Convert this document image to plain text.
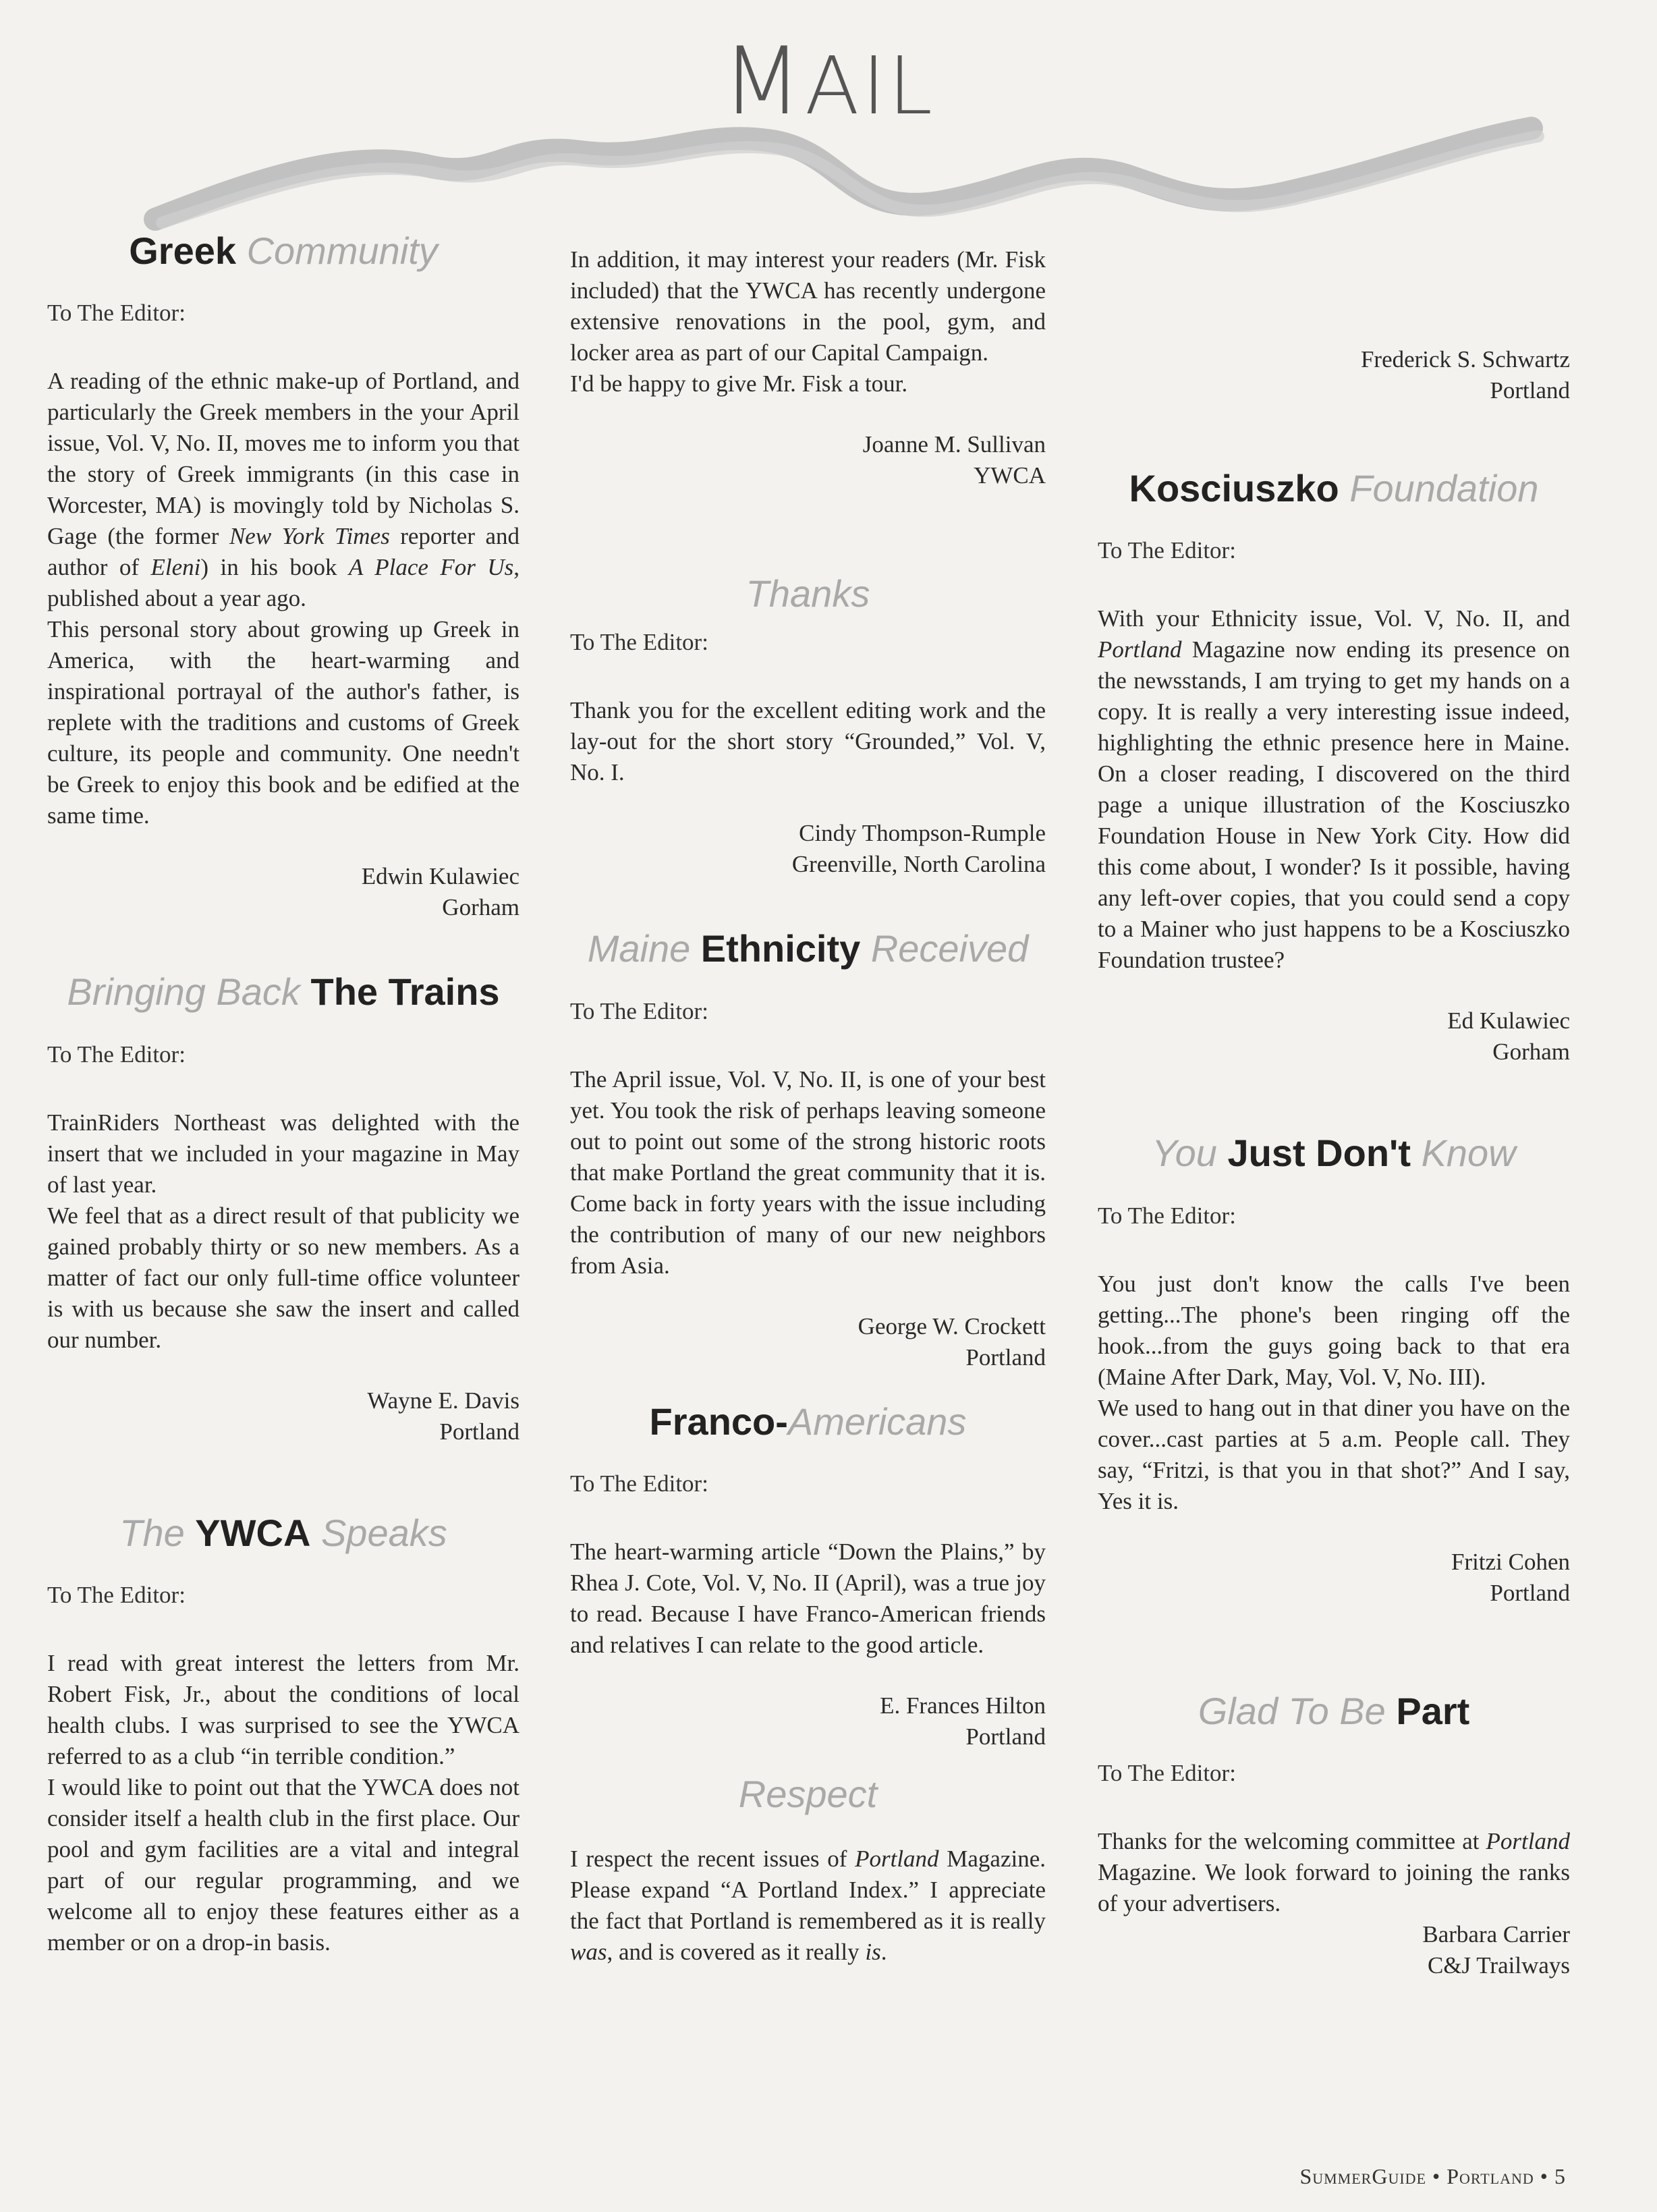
MAIL
Greek Community
To The Editor:

A reading of the ethnic make-up of Portland, and particularly the Greek members in the your April issue, Vol. V, No. II, moves me to inform you that the story of Greek immigrants (in this case in Worcester, MA) is movingly told by Nicholas S. Gage (the former New York Times reporter and author of Eleni) in his book A Place For Us, published about a year ago.

This personal story about growing up Greek in America, with the heart-warming and inspirational portrayal of the author's father, is replete with the traditions and customs of Greek culture, its people and community. One needn't be Greek to enjoy this book and be edified at the same time.

Edwin Kulawiec
Gorham
Bringing Back The Trains
To The Editor:

TrainRiders Northeast was delighted with the insert that we included in your magazine in May of last year.

We feel that as a direct result of that publicity we gained probably thirty or so new members. As a matter of fact our only full-time office volunteer is with us because she saw the insert and called our number.

Wayne E. Davis
Portland
The YWCA Speaks
To The Editor:

I read with great interest the letters from Mr. Robert Fisk, Jr., about the conditions of local health clubs. I was surprised to see the YWCA referred to as a club “in terrible condition.”

I would like to point out that the YWCA does not consider itself a health club in the first place. Our pool and gym facilities are a vital and integral part of our regular programming, and we welcome all to enjoy these features either as a member or on a drop-in basis.

In addition, it may interest your readers (Mr. Fisk included) that the YWCA has recently undergone extensive renovations in the pool, gym, and locker area as part of our Capital Campaign.

I'd be happy to give Mr. Fisk a tour.

Joanne M. Sullivan
YWCA
Thanks
To The Editor:

Thank you for the excellent editing work and the lay-out for the short story “Grounded,” Vol. V, No. I.

Cindy Thompson-Rumple
Greenville, North Carolina
Maine Ethnicity Received
To The Editor:

The April issue, Vol. V, No. II, is one of your best yet. You took the risk of perhaps leaving someone out to point out some of the strong historic roots that make Portland the great community that it is. Come back in forty years with the issue including the contribution of many of our new neighbors from Asia.

George W. Crockett
Portland
Franco-Americans
To The Editor:

The heart-warming article “Down the Plains,” by Rhea J. Cote, Vol. V, No. II (April), was a true joy to read. Because I have Franco-American friends and relatives I can relate to the good article.

E. Frances Hilton
Portland
Respect

I respect the recent issues of Portland Magazine. Please expand “A Portland Index.” I appreciate the fact that Portland is remembered as it is really was, and is covered as it really is.

Frederick S. Schwartz
Portland
Kosciuszko Foundation
To The Editor:

With your Ethnicity issue, Vol. V, No. II, and Portland Magazine now ending its presence on the newsstands, I am trying to get my hands on a copy. It is really a very interesting issue indeed, highlighting the ethnic presence here in Maine. On a closer reading, I discovered on the third page a unique illustration of the Kosciuszko Foundation House in New York City. How did this come about, I wonder? Is it possible, having any left-over copies, that you could send a copy to a Mainer who just happens to be a Kosciuszko Foundation trustee?

Ed Kulawiec
Gorham
You Just Don't Know
To The Editor:

You just don't know the calls I've been getting...The phone's been ringing off the hook...from the guys going back to that era (Maine After Dark, May, Vol. V, No. III).

We used to hang out in that diner you have on the cover...cast parties at 5 a.m. People call. They say, “Fritzi, is that you in that shot?” And I say, Yes it is.

Fritzi Cohen
Portland
Glad To Be Part
To The Editor:

Thanks for the welcoming committee at Portland Magazine. We look forward to joining the ranks of your advertisers.

Barbara Carrier
C&J Trailways
SummerGuide • Portland • 5
